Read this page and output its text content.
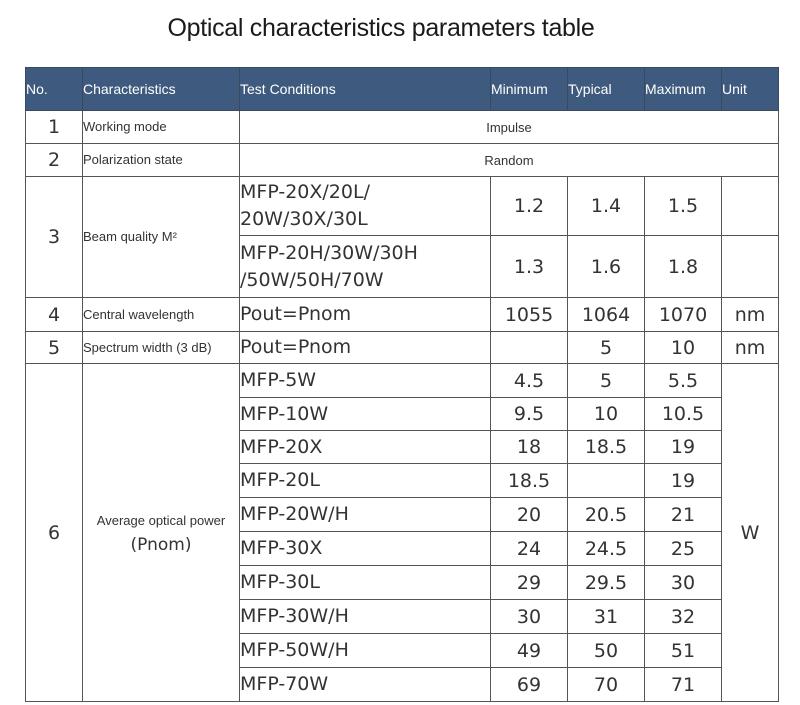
Optical characteristics parameters table
No.	Characteristics	Test Conditions	Minimum	Typical	Maximum	Unit
1	Working mode	Impulse				
2	Polarization state	Random				
3	Beam quality M²	MFP-20X/20L/
20W/30X/30L	1.2	1.4	1.5	
		MFP-20H/30W/30H
/50W/50H/70W	1.3	1.6	1.8	
4	Central wavelength	Pout=Pnom	1055	1064	1070	nm
5	Spectrum width (3 dB)	Pout=Pnom		5	10	nm
6	Average optical power
(Pnom)	MFP-5W	4.5	5	5.5	W
		MFP-10W	9.5	10	10.5	
		MFP-20X	18	18.5	19	
		MFP-20L	18.5		19	
		MFP-20W/H	20	20.5	21	
		MFP-30X	24	24.5	25	
		MFP-30L	29	29.5	30	
		MFP-30W/H	30	31	32	
		MFP-50W/H	49	50	51	
		MFP-70W	69	70	71	
